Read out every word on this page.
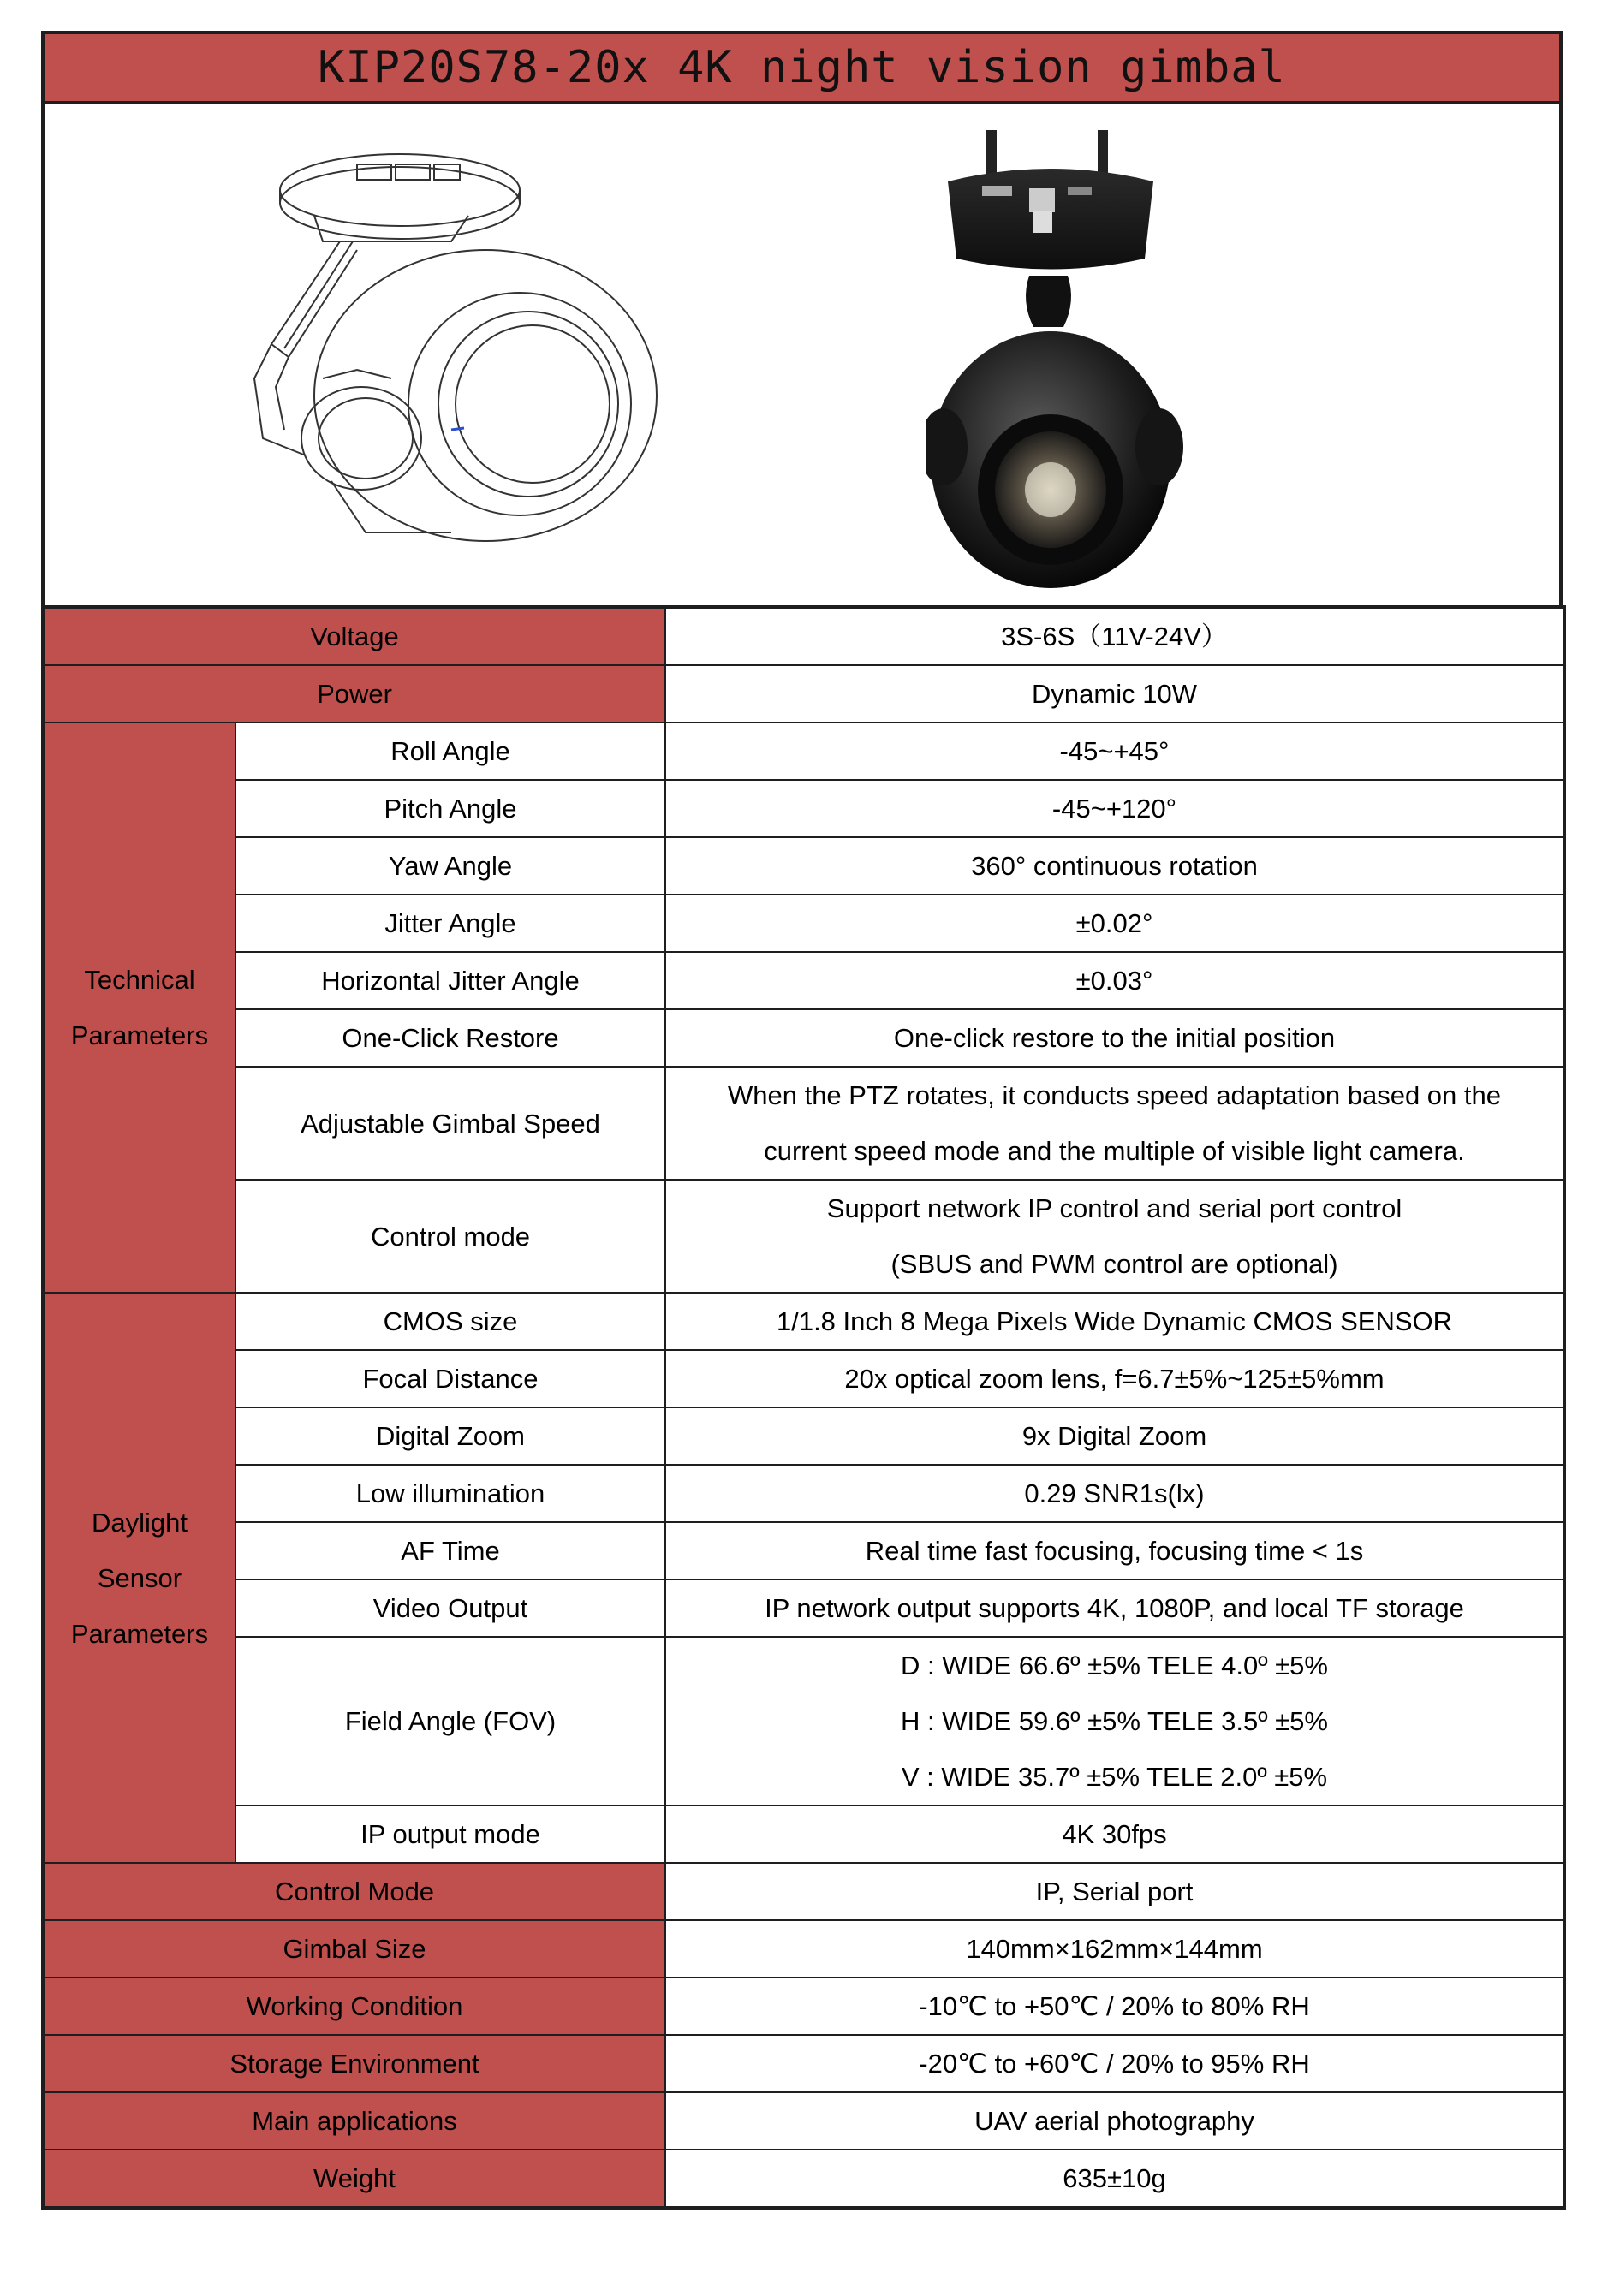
KIP20S78-20x 4K night vision gimbal
Voltage		3S-6S（11V-24V）
Power		Dynamic 10W

Technical
Parameters	Roll Angle	-45~+45°
	Pitch Angle	-45~+120°
	Yaw Angle	360° continuous rotation
	Jitter Angle	±0.02°
	Horizontal Jitter Angle	±0.03°
	One-Click Restore	One-click restore to the initial position
	Adjustable Gimbal Speed	When the PTZ rotates, it conducts speed adaptation based on the
current speed mode and the multiple of visible light camera.

	Control mode	Support network IP control and serial port control
(SBUS and PWM control are optional)

Daylight
Sensor
Parameters	CMOS size	1/1.8 Inch 8 Mega Pixels Wide Dynamic CMOS SENSOR
	Focal Distance	20x optical zoom lens, f=6.7±5%~125±5%mm
	Digital Zoom	9x Digital Zoom
	Low illumination	0.29 SNR1s(lx)
	AF Time	Real time fast focusing, focusing time < 1s
	Video Output	IP network output supports 4K, 1080P, and local TF storage
	Field Angle (FOV)	D : WIDE 66.6º ±5% TELE 4.0º ±5%
H : WIDE 59.6º ±5% TELE 3.5º ±5%
V : WIDE 35.7º ±5% TELE 2.0º ±5%

	IP output mode	4K 30fps
Control Mode		IP, Serial port
Gimbal Size		140mm×162mm×144mm
Working Condition		-10℃ to +50℃ / 20% to 80% RH
Storage Environment		-20℃ to +60℃ / 20% to 95% RH
Main applications		UAV aerial photography
Weight		635±10g
